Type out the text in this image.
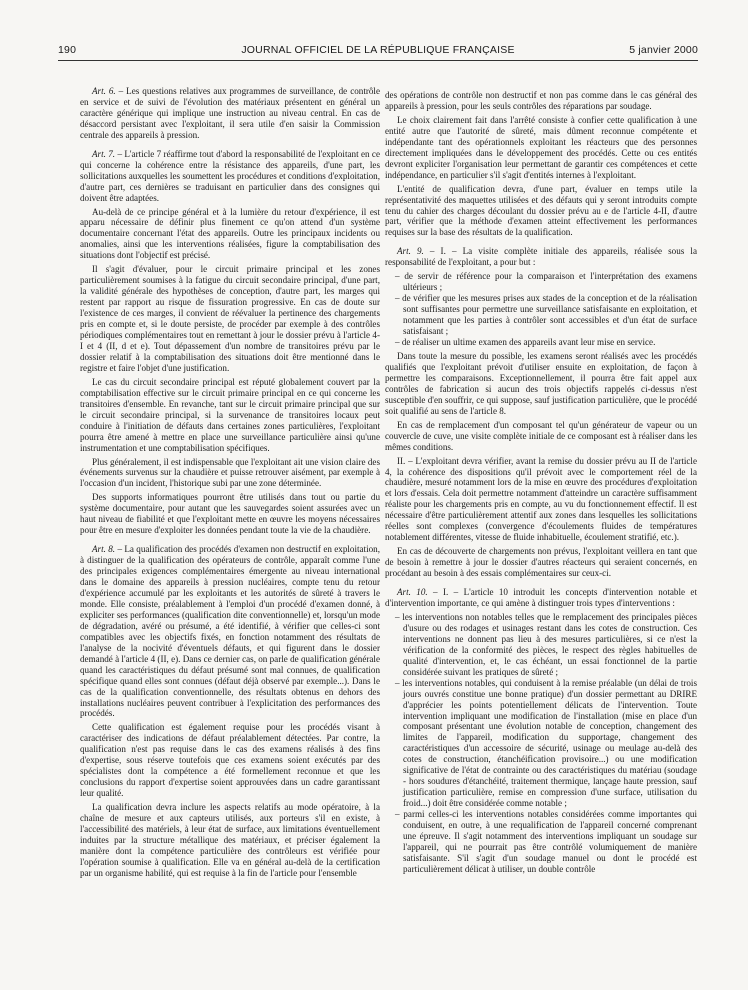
190	JOURNAL OFFICIEL DE LA RÉPUBLIQUE FRANÇAISE	5 janvier 2000

Art. 6. – Les questions relatives aux programmes de surveillance, de contrôle en service et de suivi de l'évolution des matériaux présentent en général un caractère générique qui implique une instruction au niveau central. En cas de désaccord persistant avec l'exploitant, il sera utile d'en saisir la Commission centrale des appareils à pression.

Art. 7. – L'article 7 réaffirme tout d'abord la responsabilité de l'exploitant en ce qui concerne la cohérence entre la résistance des appareils, d'une part, les sollicitations auxquelles les soumettent les procédures et conditions d'exploitation, d'autre part, ces dernières se traduisant en particulier dans des consignes qui doivent être adaptées.

Au-delà de ce principe général et à la lumière du retour d'expérience, il est apparu nécessaire de définir plus finement ce qu'on attend d'un système documentaire concernant l'état des appareils. Outre les principaux incidents ou anomalies, ainsi que les interventions réalisées, figure la comptabilisation des situations dont l'objectif est précisé.

Il s'agit d'évaluer, pour le circuit primaire principal et les zones particulièrement soumises à la fatigue du circuit secondaire principal, d'une part, la validité générale des hypothèses de conception, d'autre part, les marges qui restent par rapport au risque de fissuration progressive. En cas de doute sur l'existence de ces marges, il convient de réévaluer la pertinence des chargements pris en compte et, si le doute persiste, de procéder par exemple à des contrôles périodiques complémentaires tout en remettant à jour le dossier prévu à l'article 4-I et 4 (II, d et e). Tout dépassement d'un nombre de transitoires prévu par le dossier relatif à la comptabilisation des situations doit être mentionné dans le registre et faire l'objet d'une justification.

Le cas du circuit secondaire principal est réputé globalement couvert par la comptabilisation effective sur le circuit primaire principal en ce qui concerne les transitoires d'ensemble. En revanche, tant sur le circuit primaire principal que sur le circuit secondaire principal, si la survenance de transitoires locaux peut conduire à l'initiation de défauts dans certaines zones particulières, l'exploitant pourra être amené à mettre en place une surveillance particulière ainsi qu'une instrumentation et une comptabilisation spécifiques.

Plus généralement, il est indispensable que l'exploitant ait une vision claire des événements survenus sur la chaudière et puisse retrouver aisément, par exemple à l'occasion d'un incident, l'historique subi par une zone déterminée.

Des supports informatiques pourront être utilisés dans tout ou partie du système documentaire, pour autant que les sauvegardes soient assurées avec un haut niveau de fiabilité et que l'exploitant mette en œuvre les moyens nécessaires pour être en mesure d'exploiter les données pendant toute la vie de la chaudière.

Art. 8. – La qualification des procédés d'examen non destructif en exploitation, à distinguer de la qualification des opérateurs de contrôle, apparaît comme l'une des principales exigences complémentaires émergente au niveau international dans le domaine des appareils à pression nucléaires, compte tenu du retour d'expérience accumulé par les exploitants et les autorités de sûreté à travers le monde. Elle consiste, préalablement à l'emploi d'un procédé d'examen donné, à expliciter ses performances (qualification dite conventionnelle) et, lorsqu'un mode de dégradation, avéré ou présumé, a été identifié, à vérifier que celles-ci sont compatibles avec les objectifs fixés, en fonction notamment des résultats de l'analyse de la nocivité d'éventuels défauts, et qui figurent dans le dossier demandé à l'article 4 (II, e). Dans ce dernier cas, on parle de qualification générale quand les caractéristiques du défaut présumé sont mal connues, de qualification spécifique quand elles sont connues (défaut déjà observé par exemple...). Dans le cas de la qualification conventionnelle, des résultats obtenus en dehors des installations nucléaires peuvent contribuer à l'explicitation des performances des procédés.

Cette qualification est également requise pour les procédés visant à caractériser des indications de défaut préalablement détectées. Par contre, la qualification n'est pas requise dans le cas des examens réalisés à des fins d'expertise, sous réserve toutefois que ces examens soient exécutés par des spécialistes dont la compétence a été formellement reconnue et que les conclusions du rapport d'expertise soient approuvées dans un cadre garantissant leur qualité.

La qualification devra inclure les aspects relatifs au mode opératoire, à la chaîne de mesure et aux capteurs utilisés, aux porteurs s'il en existe, à l'accessibilité des matériels, à leur état de surface, aux limitations éventuellement induites par la structure métallique des matériaux, et préciser également la manière dont la compétence particulière des contrôleurs est vérifiée pour l'opération soumise à qualification. Elle va en général au-delà de la certification par un organisme habilité, qui est requise à la fin de l'article pour l'ensemble

des opérations de contrôle non destructif et non pas comme dans le cas général des appareils à pression, pour les seuls contrôles des réparations par soudage.

Le choix clairement fait dans l'arrêté consiste à confier cette qualification à une entité autre que l'autorité de sûreté, mais dûment reconnue compétente et indépendante tant des opérationnels exploitant les réacteurs que des personnes directement impliquées dans le développement des procédés. Cette ou ces entités devront expliciter l'organisation leur permettant de garantir ces compétences et cette indépendance, en particulier s'il s'agit d'entités internes à l'exploitant.

L'entité de qualification devra, d'une part, évaluer en temps utile la représentativité des maquettes utilisées et des défauts qui y seront introduits compte tenu du cahier des charges découlant du dossier prévu au e de l'article 4-II, d'autre part, vérifier que la méthode d'examen atteint effectivement les performances requises sur la base des résultats de la qualification.

Art. 9. – I. – La visite complète initiale des appareils, réalisée sous la responsabilité de l'exploitant, a pour but :

– de servir de référence pour la comparaison et l'interprétation des examens ultérieurs ;
– de vérifier que les mesures prises aux stades de la conception et de la réalisation sont suffisantes pour permettre une surveillance satisfaisante en exploitation, et notamment que les parties à contrôler sont accessibles et d'un état de surface satisfaisant ;
– de réaliser un ultime examen des appareils avant leur mise en service.

Dans toute la mesure du possible, les examens seront réalisés avec les procédés qualifiés que l'exploitant prévoit d'utiliser ensuite en exploitation, de façon à permettre les comparaisons. Exceptionnellement, il pourra être fait appel aux contrôles de fabrication si aucun des trois objectifs rappelés ci-dessus n'est susceptible d'en souffrir, ce qui suppose, sauf justification particulière, que le procédé soit qualifié au sens de l'article 8.

En cas de remplacement d'un composant tel qu'un générateur de vapeur ou un couvercle de cuve, une visite complète initiale de ce composant est à réaliser dans les mêmes conditions.

II. – L'exploitant devra vérifier, avant la remise du dossier prévu au II de l'article 4, la cohérence des dispositions qu'il prévoit avec le comportement réel de la chaudière, mesuré notamment lors de la mise en œuvre des procédures d'exploitation et lors d'essais. Cela doit permettre notamment d'atteindre un caractère suffisamment réaliste pour les chargements pris en compte, au vu du fonctionnement effectif. Il est nécessaire d'être particulièrement attentif aux zones dans lesquelles les sollicitations réelles sont complexes (convergence d'écoulements fluides de températures notablement différentes, vitesse de fluide inhabituelle, écoulement stratifié, etc.).

En cas de découverte de chargements non prévus, l'exploitant veillera en tant que de besoin à remettre à jour le dossier d'autres réacteurs qui seraient concernés, en procédant au besoin à des essais complémentaires sur ceux-ci.

Art. 10. – I. – L'article 10 introduit les concepts d'intervention notable et d'intervention importante, ce qui amène à distinguer trois types d'interventions :

– les interventions non notables telles que le remplacement des principales pièces d'usure ou des rodages et usinages restant dans les cotes de construction. Ces interventions ne donnent pas lieu à des mesures particulières, si ce n'est la vérification de la conformité des pièces, le respect des règles habituelles de qualité d'intervention, et, le cas échéant, un essai fonctionnel de la partie considérée suivant les pratiques de sûreté ;
– les interventions notables, qui conduisent à la remise préalable (un délai de trois jours ouvrés constitue une bonne pratique) d'un dossier permettant au DRIRE d'apprécier les points potentiellement délicats de l'intervention. Toute intervention impliquant une modification de l'installation (mise en place d'un composant présentant une évolution notable de conception, changement des limites de l'appareil, modification du supportage, changement des caractéristiques d'un accessoire de sécurité, usinage ou meulage au-delà des cotes de construction, étanchéification provisoire...) ou une modification significative de l'état de contrainte ou des caractéristiques du matériau (soudage - hors soudures d'étanchéité, traitement thermique, lançage haute pression, sauf justification particulière, remise en compression d'une surface, utilisation du froid...) doit être considérée comme notable ;
– parmi celles-ci les interventions notables considérées comme importantes qui conduisent, en outre, à une requalification de l'appareil concerné comprenant une épreuve. Il s'agit notamment des interventions impliquant un soudage sur l'appareil, qui ne pourrait pas être contrôlé volumiquement de manière satisfaisante. S'il s'agit d'un soudage manuel ou dont le procédé est particulièrement délicat à utiliser, un double contrôle
